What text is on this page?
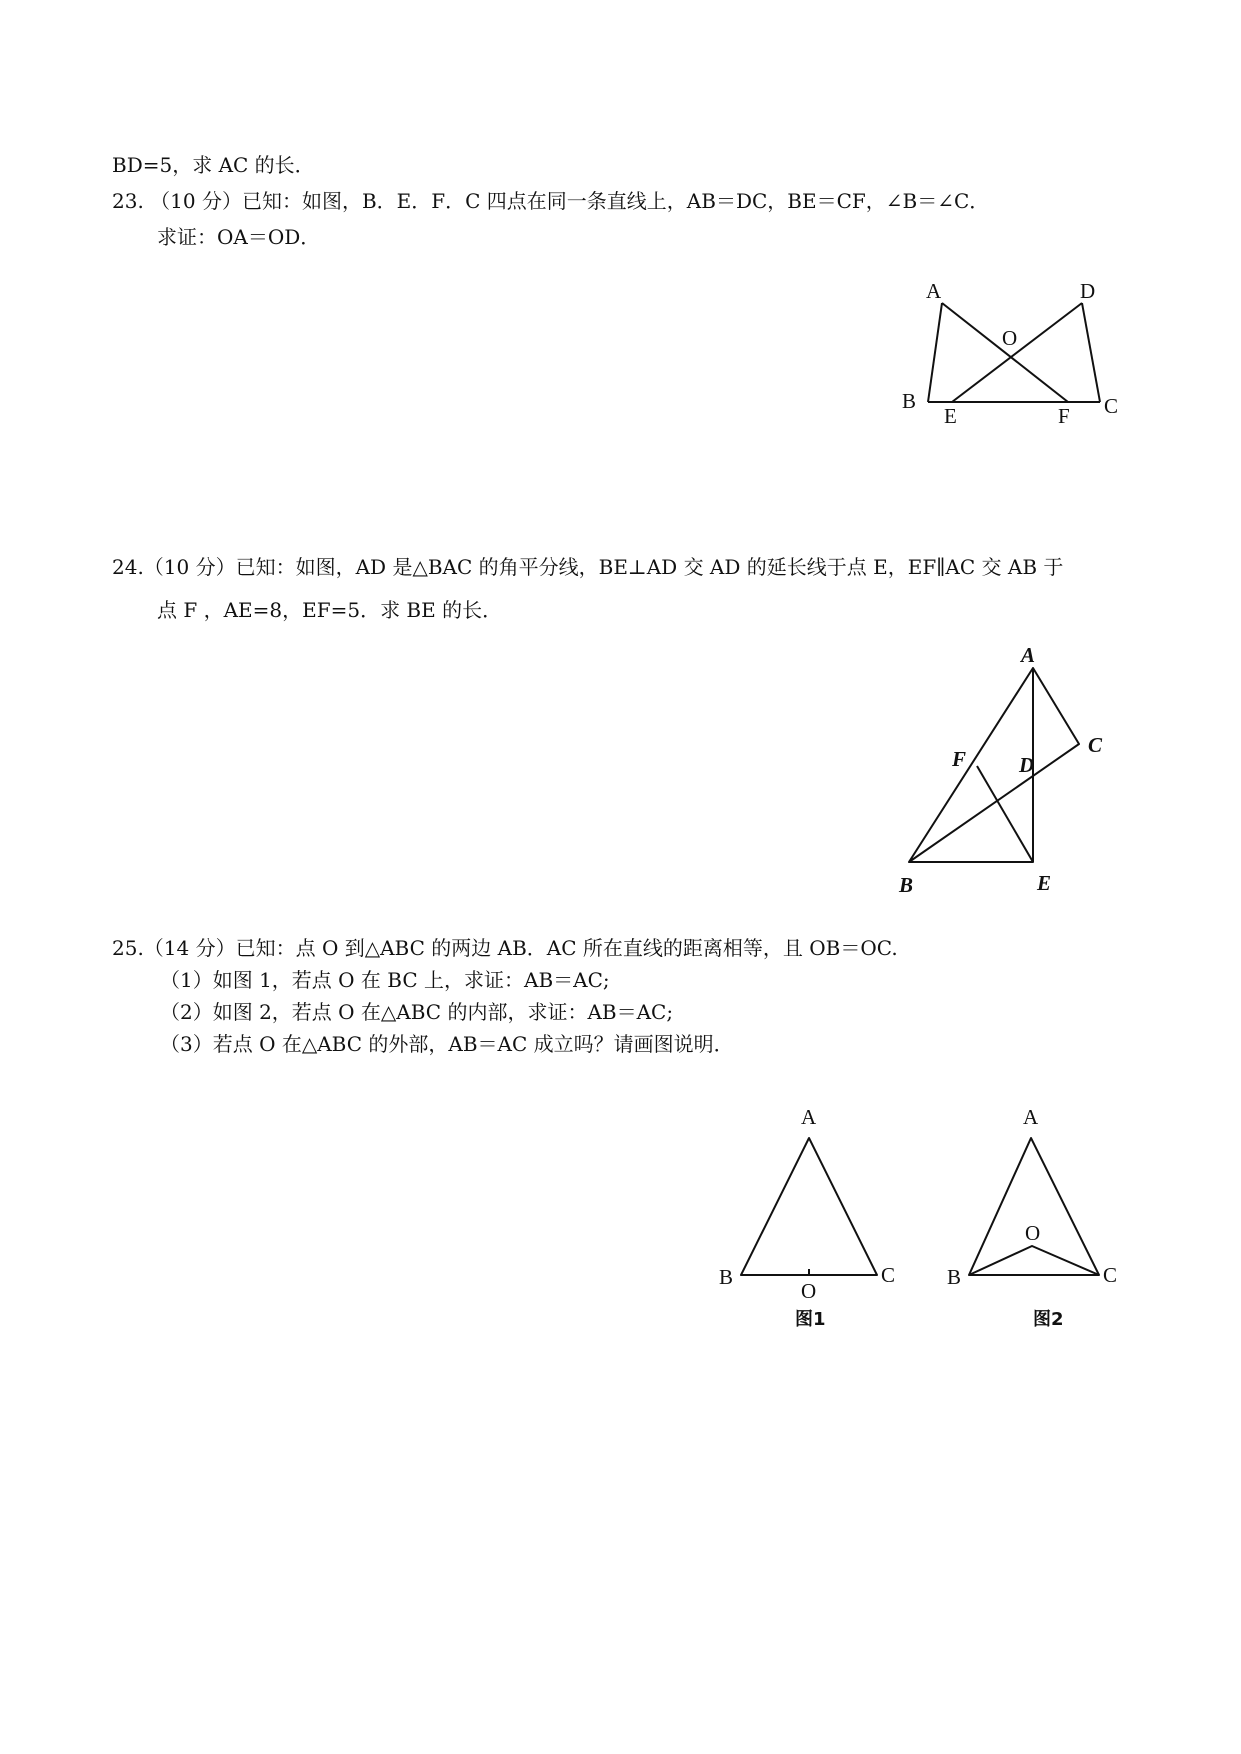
BD=5，求 AC 的长．
23. （10 分）已知：如图，B．E．F．C 四点在同一条直线上，AB＝DC，BE＝CF，∠B＝∠C．
求证：OA＝OD．
24.（10 分）已知：如图，AD 是△BAC 的角平分线，BE⊥AD 交 AD 的延长线于点 E，EF∥AC 交 AB 于
点 F ，AE=8，EF=5．求 BE 的长．
25.（14 分）已知：点 O 到△ABC 的两边 AB．AC 所在直线的距离相等，且 OB＝OC.
（1）如图 1，若点 O 在 BC 上，求证：AB＝AC;
（2）如图 2，若点 O 在△ABC 的内部，求证：AB＝AC;
（3）若点 O 在△ABC 的外部，AB＝AC 成立吗？请画图说明．
A	D
O
B
E	F C
A
C
F	D
B	E
A
B	C
O
图1
A
O
B	C
图2
